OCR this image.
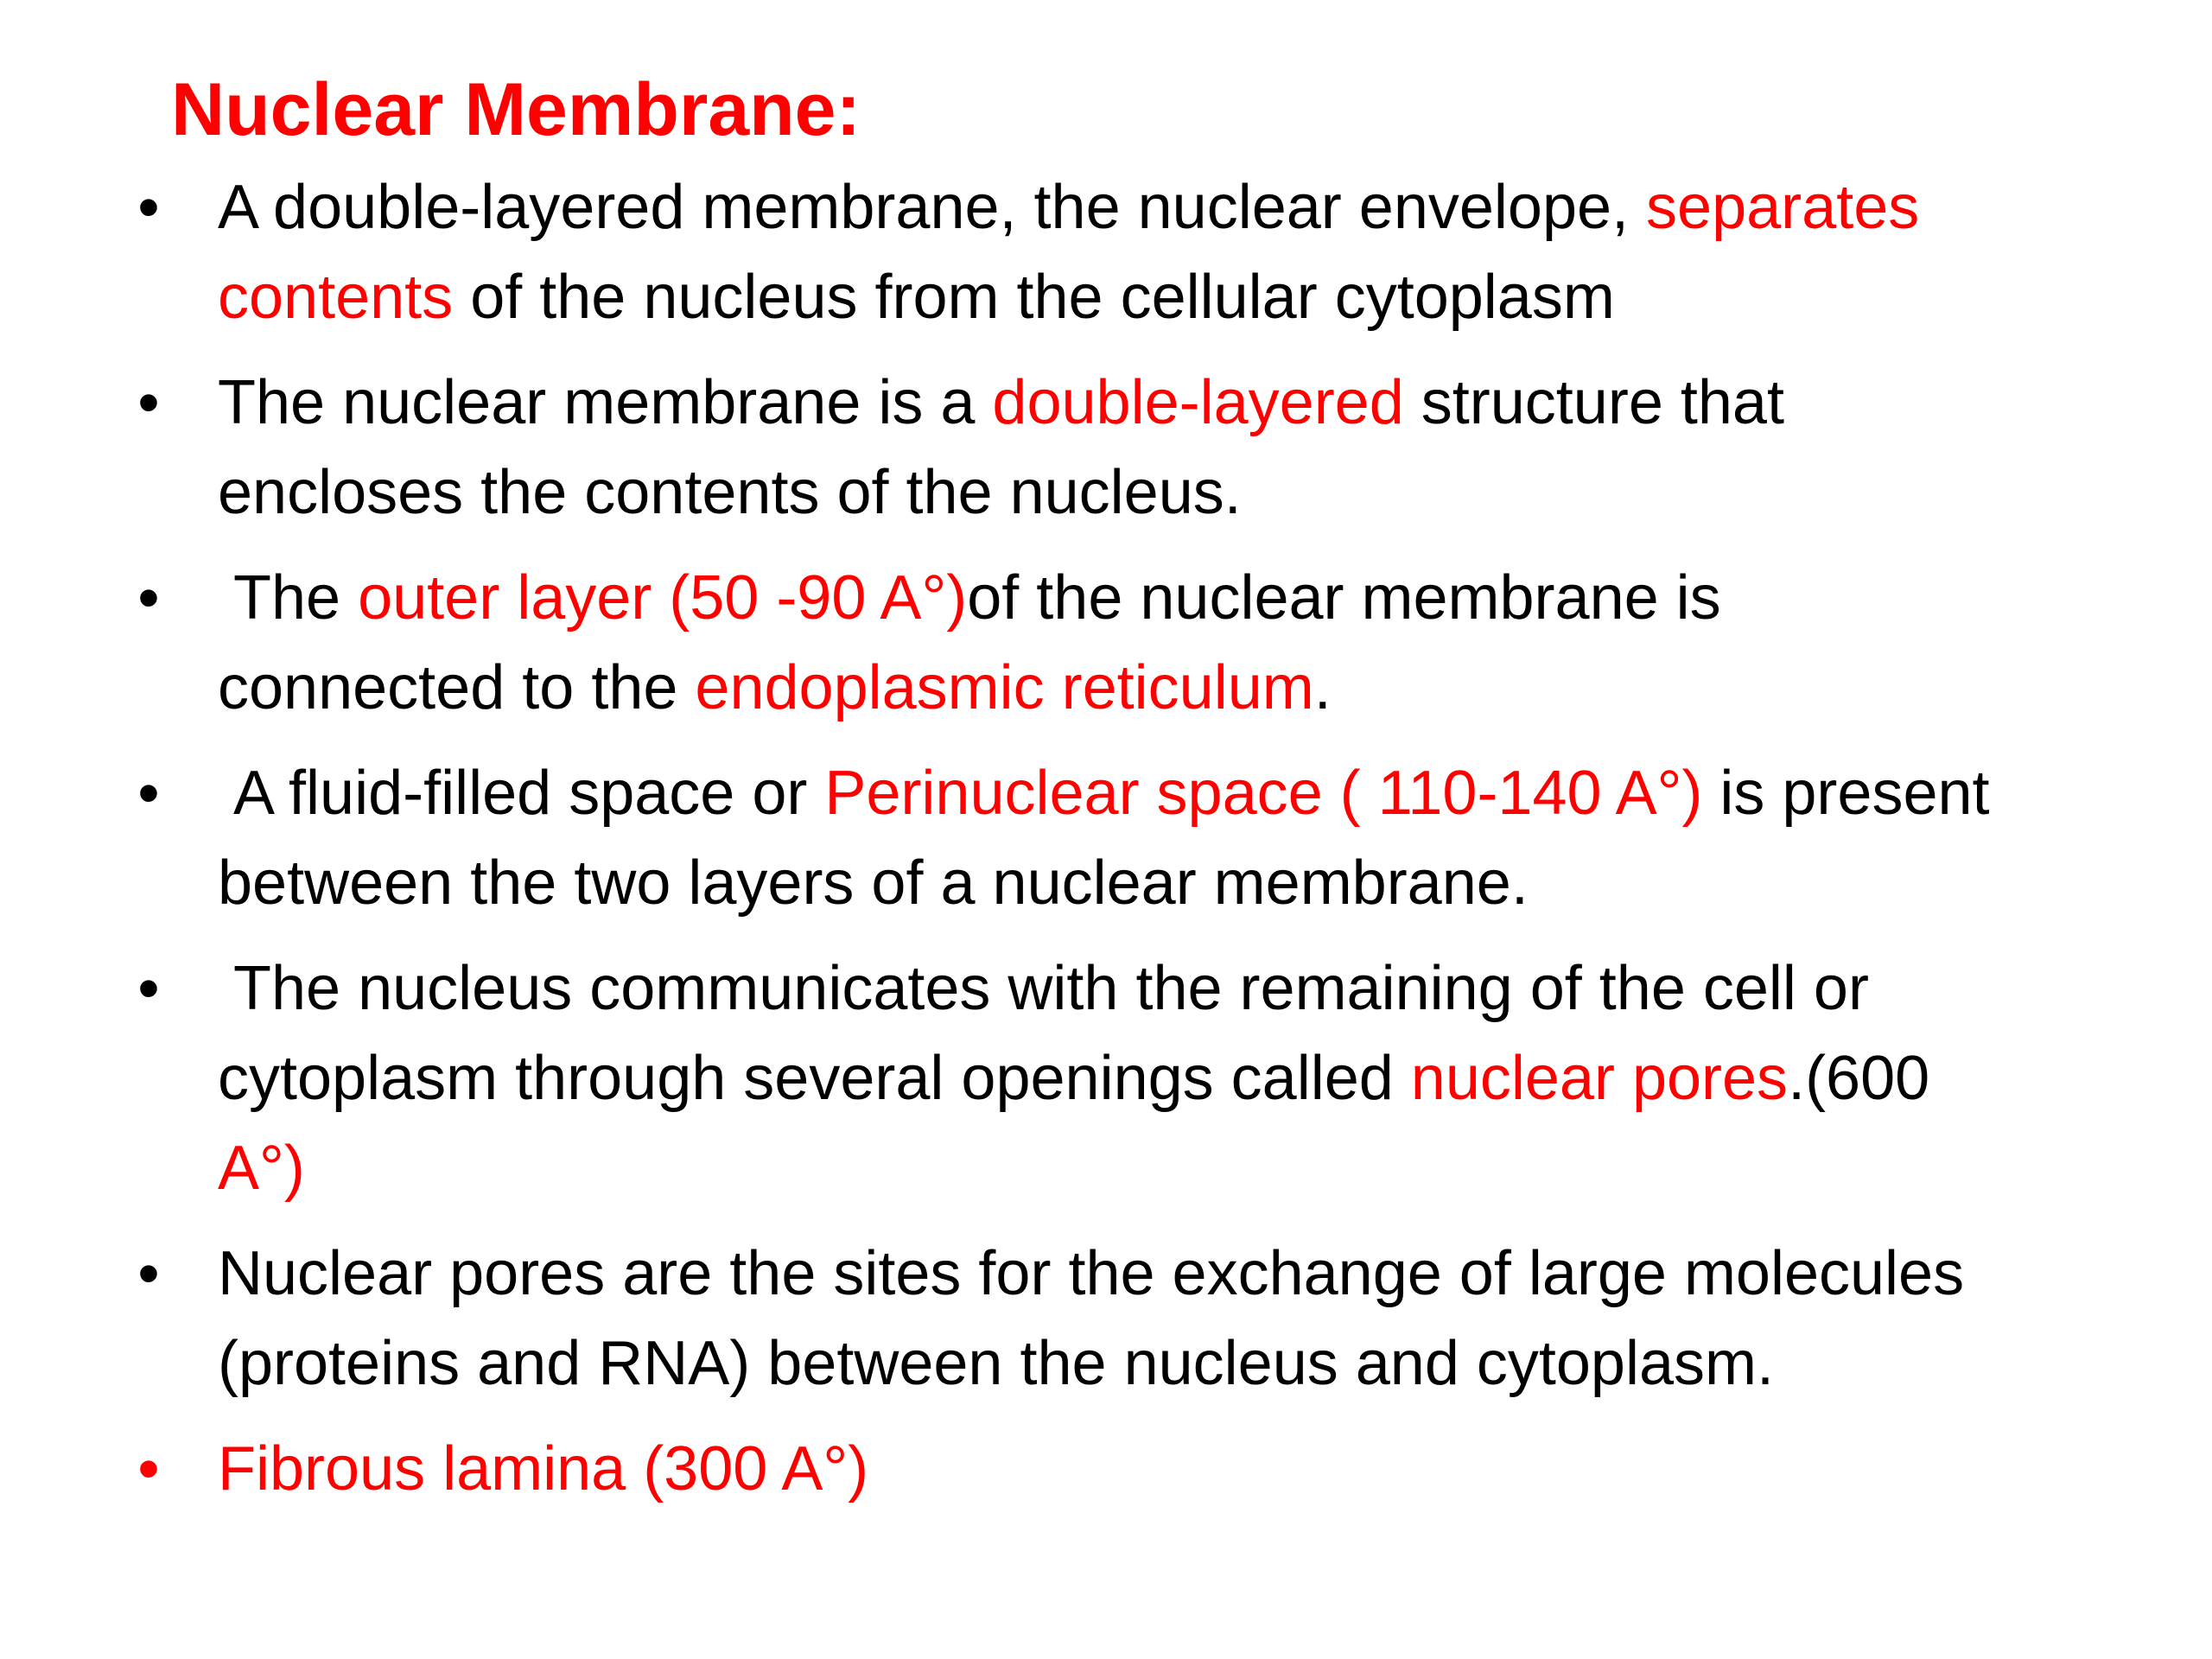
Nuclear Membrane:
• A double-layered membrane, the nuclear envelope, separates
contents of the nucleus from the cellular cytoplasm
• The nuclear membrane is a double-layered structure that
encloses the contents of the nucleus.
• The outer layer (50 -90 A°)of the nuclear membrane is
connected to the endoplasmic reticulum.
• A fluid-filled space or Perinuclear space ( 110-140 A°) is present
between the two layers of a nuclear membrane.
• The nucleus communicates with the remaining of the cell or
cytoplasm through several openings called nuclear pores.(600
A°)
• Nuclear pores are the sites for the exchange of large molecules
(proteins and RNA) between the nucleus and cytoplasm.
• Fibrous lamina (300 A°)
